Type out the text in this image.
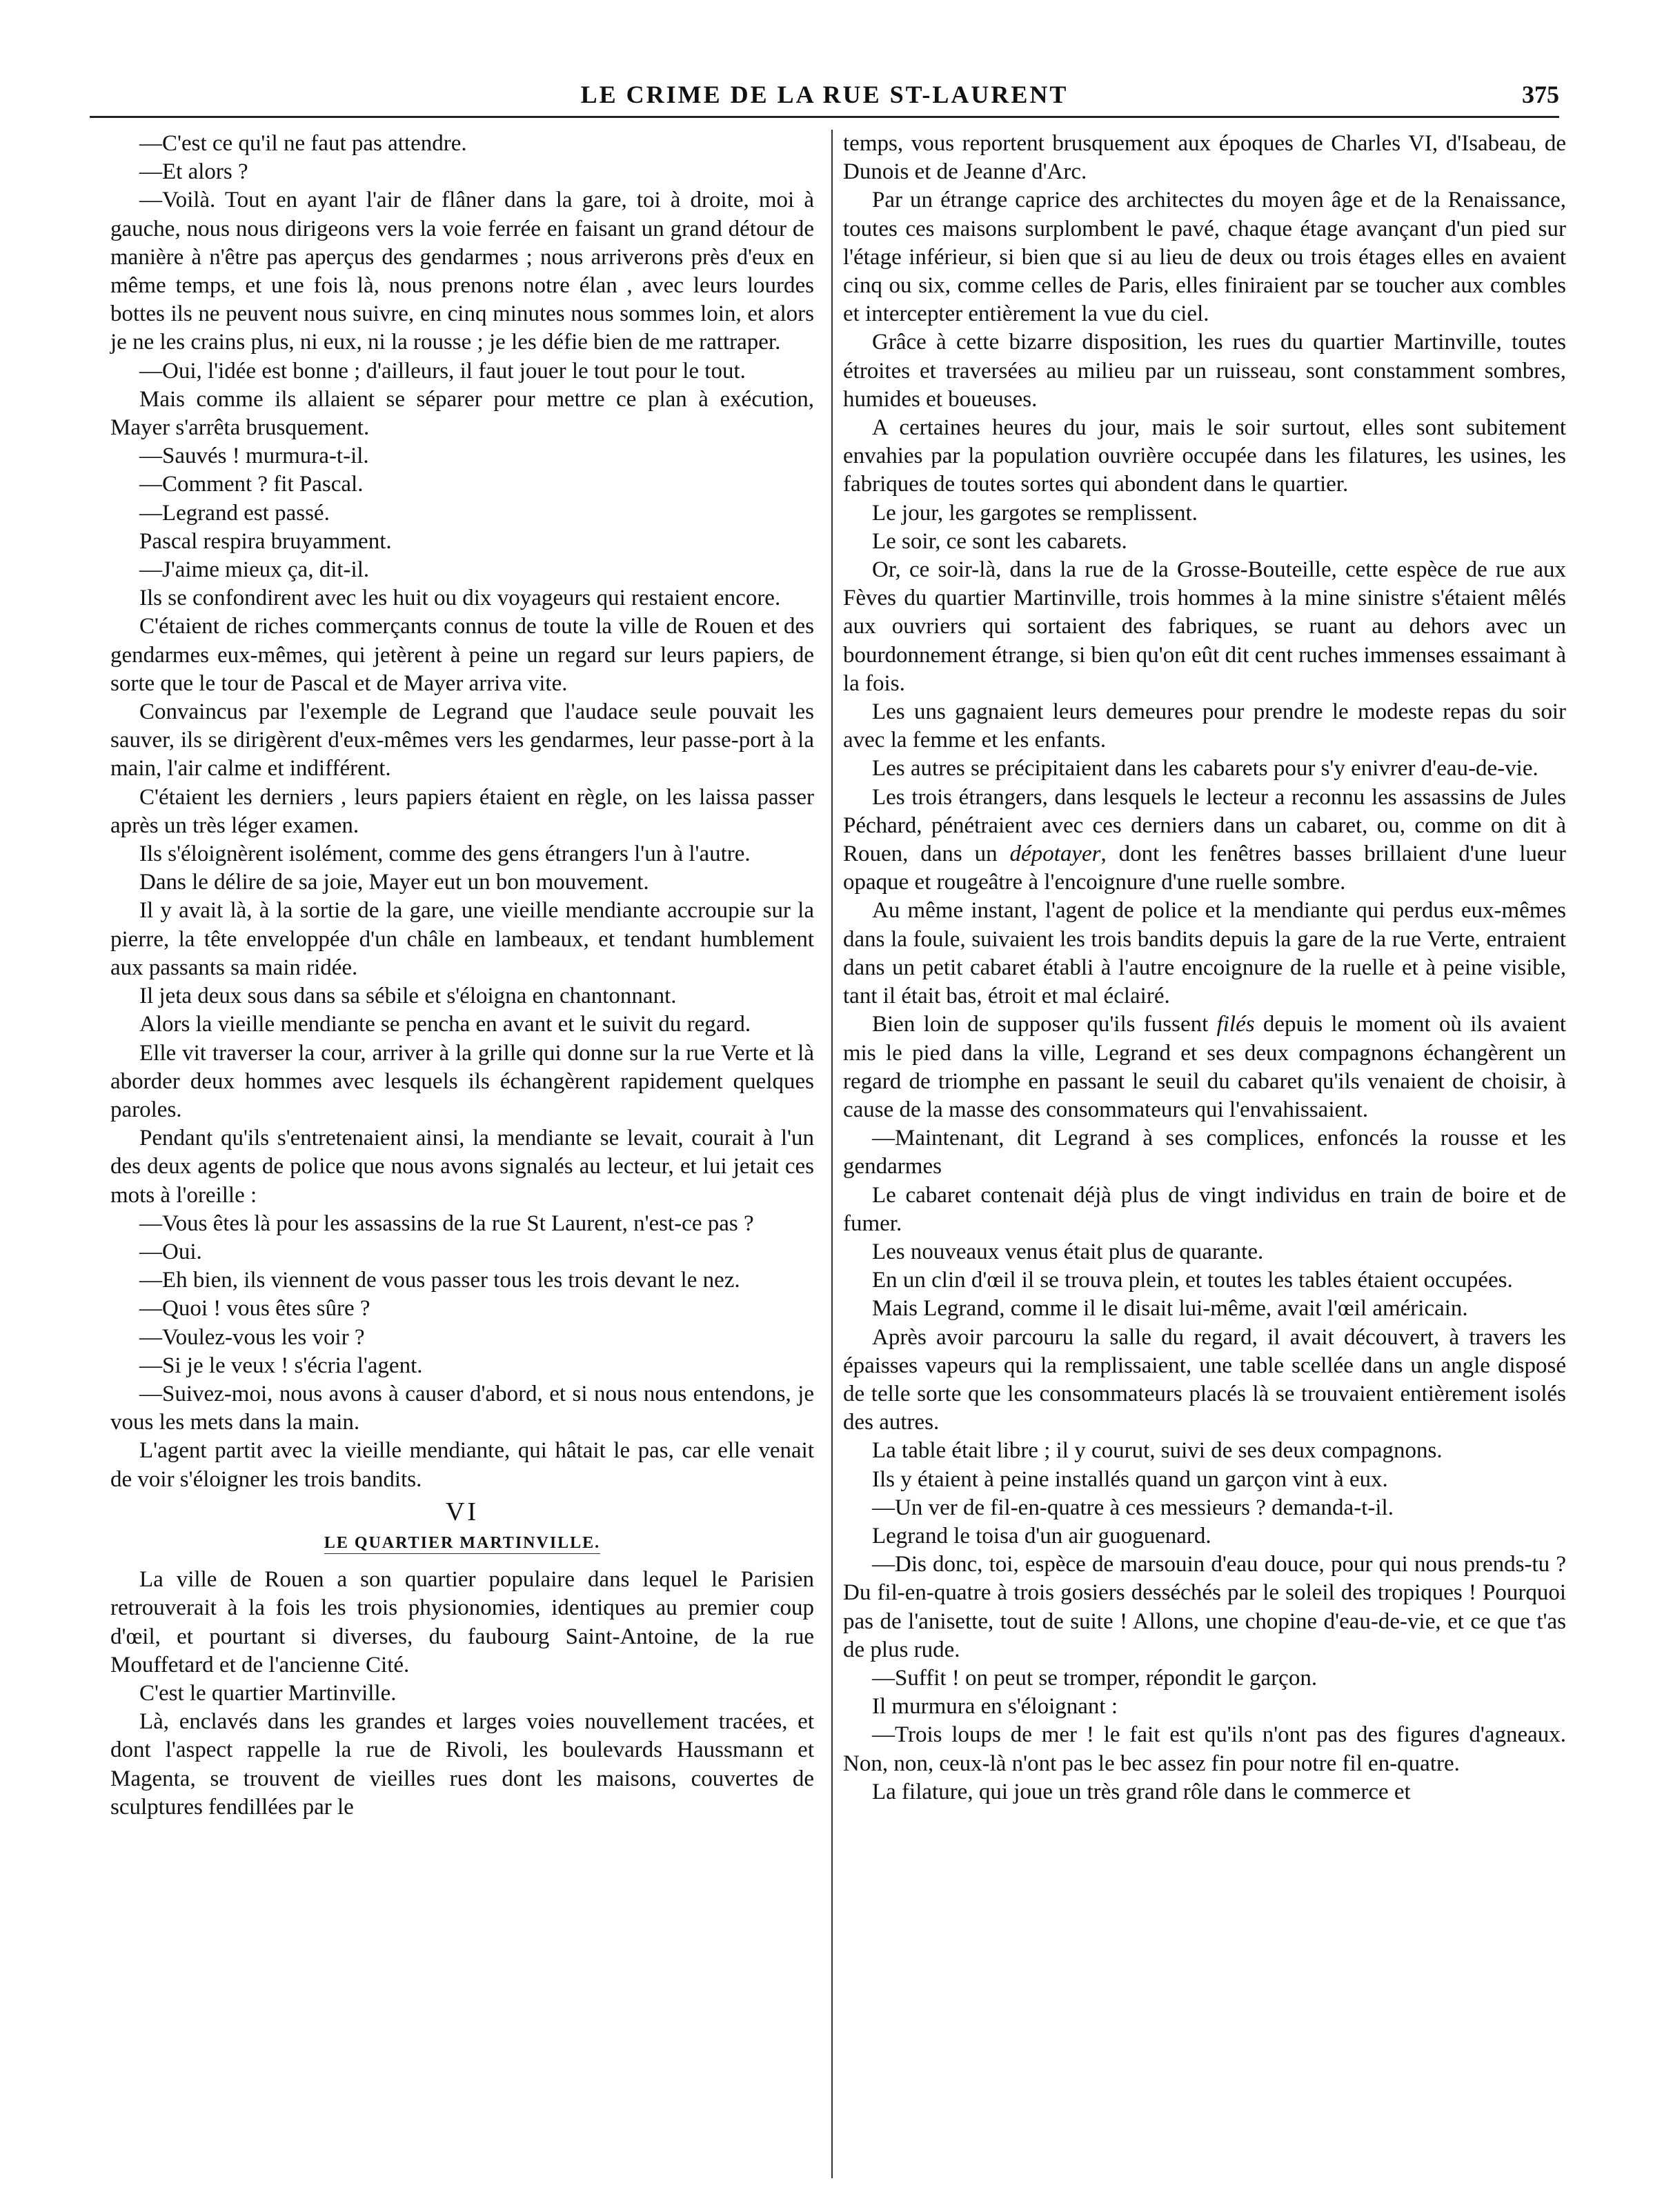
LE CRIME DE LA RUE ST-LAURENT	375

—C'est ce qu'il ne faut pas attendre.

—Et alors ?

—Voilà. Tout en ayant l'air de flâner dans la gare, toi à droite, moi à gauche, nous nous dirigeons vers la voie ferrée en faisant un grand détour de manière à n'être pas aperçus des gendarmes ; nous arriverons près d'eux en même temps, et une fois là, nous prenons notre élan , avec leurs lourdes bottes ils ne peuvent nous suivre, en cinq minutes nous sommes loin, et alors je ne les crains plus, ni eux, ni la rousse ; je les défie bien de me rattraper.

—Oui, l'idée est bonne ; d'ailleurs, il faut jouer le tout pour le tout.

Mais comme ils allaient se séparer pour mettre ce plan à exécution, Mayer s'arrêta brusquement.

—Sauvés ! murmura-t-il.

—Comment ? fit Pascal.

—Legrand est passé.

Pascal respira bruyamment.

—J'aime mieux ça, dit-il.

Ils se confondirent avec les huit ou dix voyageurs qui restaient encore.

C'étaient de riches commerçants connus de toute la ville de Rouen et des gendarmes eux-mêmes, qui jetèrent à peine un regard sur leurs papiers, de sorte que le tour de Pascal et de Mayer arriva vite.

Convaincus par l'exemple de Legrand que l'audace seule pouvait les sauver, ils se dirigèrent d'eux-mêmes vers les gendarmes, leur passe-port à la main, l'air calme et indifférent.

C'étaient les derniers , leurs papiers étaient en règle, on les laissa passer après un très léger examen.

Ils s'éloignèrent isolément, comme des gens étrangers l'un à l'autre.

Dans le délire de sa joie, Mayer eut un bon mouvement.

Il y avait là, à la sortie de la gare, une vieille mendiante accroupie sur la pierre, la tête enveloppée d'un châle en lambeaux, et tendant humblement aux passants sa main ridée.

Il jeta deux sous dans sa sébile et s'éloigna en chantonnant.

Alors la vieille mendiante se pencha en avant et le suivit du regard.

Elle vit traverser la cour, arriver à la grille qui donne sur la rue Verte et là aborder deux hommes avec lesquels ils échangèrent rapidement quelques paroles.

Pendant qu'ils s'entretenaient ainsi, la mendiante se levait, courait à l'un des deux agents de police que nous avons signalés au lecteur, et lui jetait ces mots à l'oreille :

—Vous êtes là pour les assassins de la rue St Laurent, n'est-ce pas ?

—Oui.

—Eh bien, ils viennent de vous passer tous les trois devant le nez.

—Quoi ! vous êtes sûre ?

—Voulez-vous les voir ?

—Si je le veux ! s'écria l'agent.

—Suivez-moi, nous avons à causer d'abord, et si nous nous entendons, je vous les mets dans la main.

L'agent partit avec la vieille mendiante, qui hâtait le pas, car elle venait de voir s'éloigner les trois bandits.

VI

LE QUARTIER MARTINVILLE.

La ville de Rouen a son quartier populaire dans lequel le Parisien retrouverait à la fois les trois physionomies, identiques au premier coup d'œil, et pourtant si diverses, du faubourg Saint-Antoine, de la rue Mouffetard et de l'ancienne Cité.

C'est le quartier Martinville.

Là, enclavés dans les grandes et larges voies nouvellement tracées, et dont l'aspect rappelle la rue de Rivoli, les boulevards Haussmann et Magenta, se trouvent de vieilles rues dont les maisons, couvertes de sculptures fendillées par le

temps, vous reportent brusquement aux époques de Charles VI, d'Isabeau, de Dunois et de Jeanne d'Arc.

Par un étrange caprice des architectes du moyen âge et de la Renaissance, toutes ces maisons surplombent le pavé, chaque étage avançant d'un pied sur l'étage inférieur, si bien que si au lieu de deux ou trois étages elles en avaient cinq ou six, comme celles de Paris, elles finiraient par se toucher aux combles et intercepter entièrement la vue du ciel.

Grâce à cette bizarre disposition, les rues du quartier Martinville, toutes étroites et traversées au milieu par un ruisseau, sont constamment sombres, humides et boueuses.

A certaines heures du jour, mais le soir surtout, elles sont subitement envahies par la population ouvrière occupée dans les filatures, les usines, les fabriques de toutes sortes qui abondent dans le quartier.

Le jour, les gargotes se remplissent.

Le soir, ce sont les cabarets.

Or, ce soir-là, dans la rue de la Grosse-Bouteille, cette espèce de rue aux Fèves du quartier Martinville, trois hommes à la mine sinistre s'étaient mêlés aux ouvriers qui sortaient des fabriques, se ruant au dehors avec un bourdonnement étrange, si bien qu'on eût dit cent ruches immenses essaimant à la fois.

Les uns gagnaient leurs demeures pour prendre le modeste repas du soir avec la femme et les enfants.

Les autres se précipitaient dans les cabarets pour s'y enivrer d'eau-de-vie.

Les trois étrangers, dans lesquels le lecteur a reconnu les assassins de Jules Péchard, pénétraient avec ces derniers dans un cabaret, ou, comme on dit à Rouen, dans un dépotayer, dont les fenêtres basses brillaient d'une lueur opaque et rougeâtre à l'encoignure d'une ruelle sombre.

Au même instant, l'agent de police et la mendiante qui perdus eux-mêmes dans la foule, suivaient les trois bandits depuis la gare de la rue Verte, entraient dans un petit cabaret établi à l'autre encoignure de la ruelle et à peine visible, tant il était bas, étroit et mal éclairé.

Bien loin de supposer qu'ils fussent filés depuis le moment où ils avaient mis le pied dans la ville, Legrand et ses deux compagnons échangèrent un regard de triomphe en passant le seuil du cabaret qu'ils venaient de choisir, à cause de la masse des consommateurs qui l'envahissaient.

—Maintenant, dit Legrand à ses complices, enfoncés la rousse et les gendarmes

Le cabaret contenait déjà plus de vingt individus en train de boire et de fumer.

Les nouveaux venus était plus de quarante.

En un clin d'œil il se trouva plein, et toutes les tables étaient occupées.

Mais Legrand, comme il le disait lui-même, avait l'œil américain.

Après avoir parcouru la salle du regard, il avait découvert, à travers les épaisses vapeurs qui la remplissaient, une table scellée dans un angle disposé de telle sorte que les consommateurs placés là se trouvaient entièrement isolés des autres.

La table était libre ; il y courut, suivi de ses deux compagnons.

Ils y étaient à peine installés quand un garçon vint à eux.

—Un ver de fil-en-quatre à ces messieurs ? demanda-t-il.

Legrand le toisa d'un air guoguenard.

—Dis donc, toi, espèce de marsouin d'eau douce, pour qui nous prends-tu ? Du fil-en-quatre à trois gosiers desséchés par le soleil des tropiques ! Pourquoi pas de l'anisette, tout de suite ! Allons, une chopine d'eau-de-vie, et ce que t'as de plus rude.

—Suffit ! on peut se tromper, répondit le garçon.

Il murmura en s'éloignant :

—Trois loups de mer ! le fait est qu'ils n'ont pas des figures d'agneaux. Non, non, ceux-là n'ont pas le bec assez fin pour notre fil en-quatre.

La filature, qui joue un très grand rôle dans le commerce et
